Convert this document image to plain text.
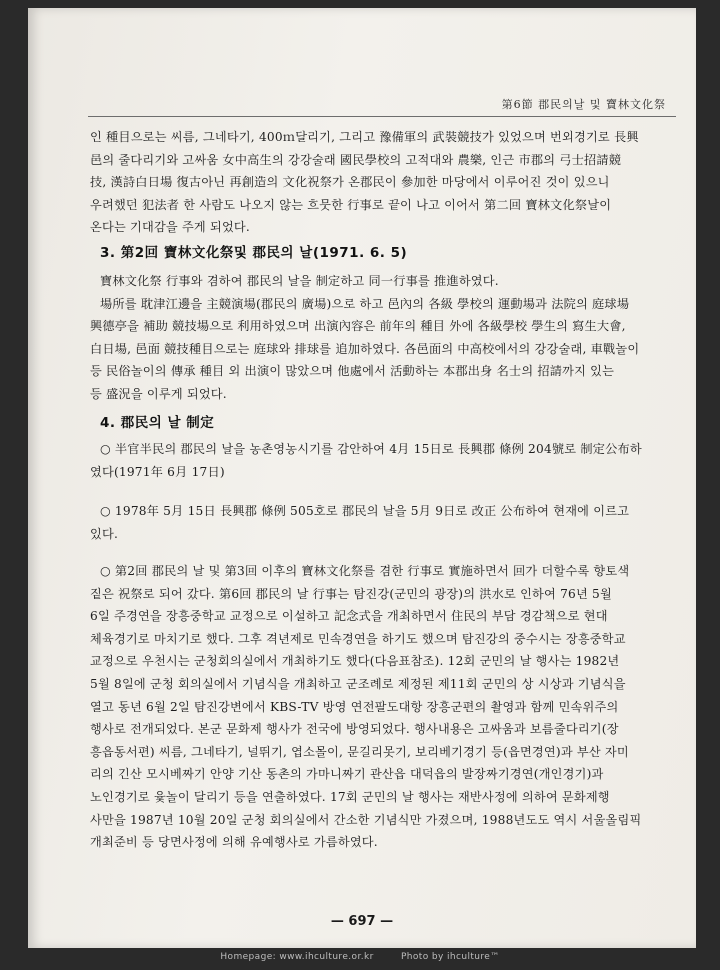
第6節 郡民의날 및 寶林文化祭

인 種目으로는 씨름, 그네타기, 400ｍ달리기, 그리고 豫備軍의 武裝競技가 있었으며 번외경기로 長興

邑의 줄다리기와 고싸움 女中高生의 강강술래 國民學校의 고적대와 農樂, 인근 市郡의 弓士招請競

技, 漢詩白日場 復古아닌 再創造의 文化祝祭가 온郡民이 參加한 마당에서 이루어진 것이 있으니

우려했던 犯法者 한 사람도 나오지 않는 흐뭇한 行事로 끝이 나고 이어서 第二回 寶林文化祭날이

온다는 기대감을 주게 되었다.

3. 第2回 寶林文化祭및 郡民의 날(1971. 6. 5)

寶林文化祭 行事와 겸하여 郡民의 날을 制定하고 同一行事를 推進하였다.

場所를 耽津江邊을 主競演場(郡民의 廣場)으로 하고 邑內의 各級 學校의 運動場과 法院의 庭球場

興德亭을 補助 競技場으로 利用하였으며 出演內容은 前年의 種目 外에 各級學校 學生의 寫生大會,

白日場, 邑面 競技種目으로는 庭球와 排球를 追加하였다. 各邑面의 中高校에서의 강강술래, 車戰놀이

등 民俗놀이의 傳承 種目 외 出演이 많았으며 他處에서 活動하는 本郡出身 名士의 招請까지 있는

등 盛況을 이루게 되었다.

4. 郡民의 날 制定

○ 半官半民의 郡民의 날을 농촌영농시기를 감안하여 4月 15日로 長興郡 條例 204號로 制定公布하

였다(1971年 6月 17日)

○ 1978年 5月 15日 長興郡 條例 505호로 郡民의 날을 5月 9日로 改正 公布하여 현재에 이르고

있다.

○ 第2回 郡民의 날 및 第3回 이후의 寶林文化祭를 겸한 行事로 實施하면서 回가 더할수록 향토색

짙은 祝祭로 되어 갔다. 第6回 郡民의 날 行事는 탐진강(군민의 광장)의 洪水로 인하여 76년 5월

6일 주경연을 장흥중학교 교정으로 이설하고 記念式을 개최하면서 住民의 부담 경감책으로 현대

체육경기로 마치기로 했다. 그후 격년제로 민속경연을 하기도 했으며 탐진강의 중수시는 장흥중학교

교정으로 우천시는 군청회의실에서 개최하기도 했다(다음표참조). 12회 군민의 날 행사는 1982년

5월 8일에 군청 회의실에서 기념식을 개최하고 군조례로 제정된 제11회 군민의 상 시상과 기념식을

열고 동년 6월 2일 탐진강변에서 KBS-TV 방영 연전팔도대항 장흥군편의 촬영과 함께 민속위주의

행사로 전개되었다. 본군 문화제 행사가 전국에 방영되었다. 행사내용은 고싸움과 보름줄다리기(장

흥읍동서편) 씨름, 그네타기, 널뛰기, 엽소몰이, 문길리못기, 보리베기경기 등(읍면경연)과 부산 자미

리의 긴산 모시베짜기 안양 기산 동촌의 가마니짜기 관산읍 대덕읍의 발장짜기경연(개인경기)과

노인경기로 윷놀이 달리기 등을 연출하였다. 17회 군민의 날 행사는 재반사정에 의하여 문화제행

사만을 1987년 10월 20일 군청 회의실에서 간소한 기념식만 가졌으며, 1988년도도 역시 서울올림픽

개최준비 등 당면사정에 의해 유예행사로 가름하였다.

— 697 —
Homepage: www.ihculture.or.kr	Photo by ihculture™
